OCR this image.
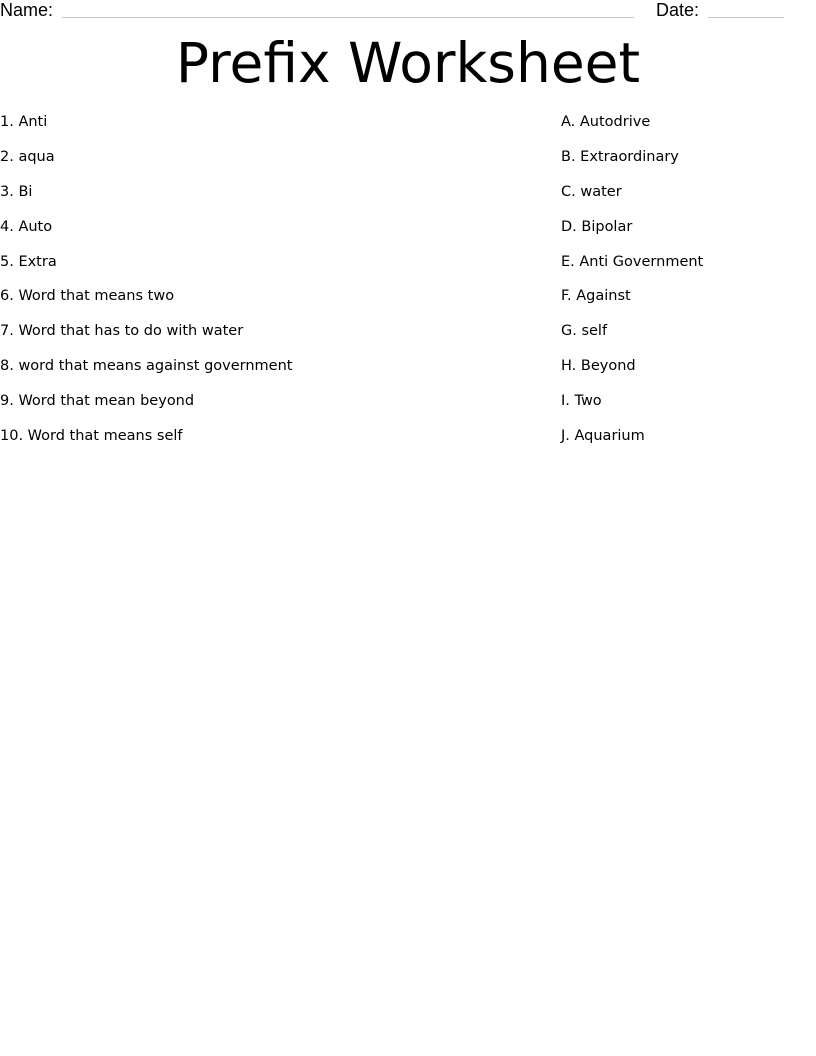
Name:	Date:
Prefix Worksheet
1. Anti
2. aqua
3. Bi
4. Auto
5. Extra
6. Word that means two
7. Word that has to do with water
8. word that means against government
9. Word that mean beyond
10. Word that means self
A. Autodrive
B. Extraordinary
C. water
D. Bipolar
E. Anti Government
F. Against
G. self
H. Beyond
I. Two
J. Aquarium
